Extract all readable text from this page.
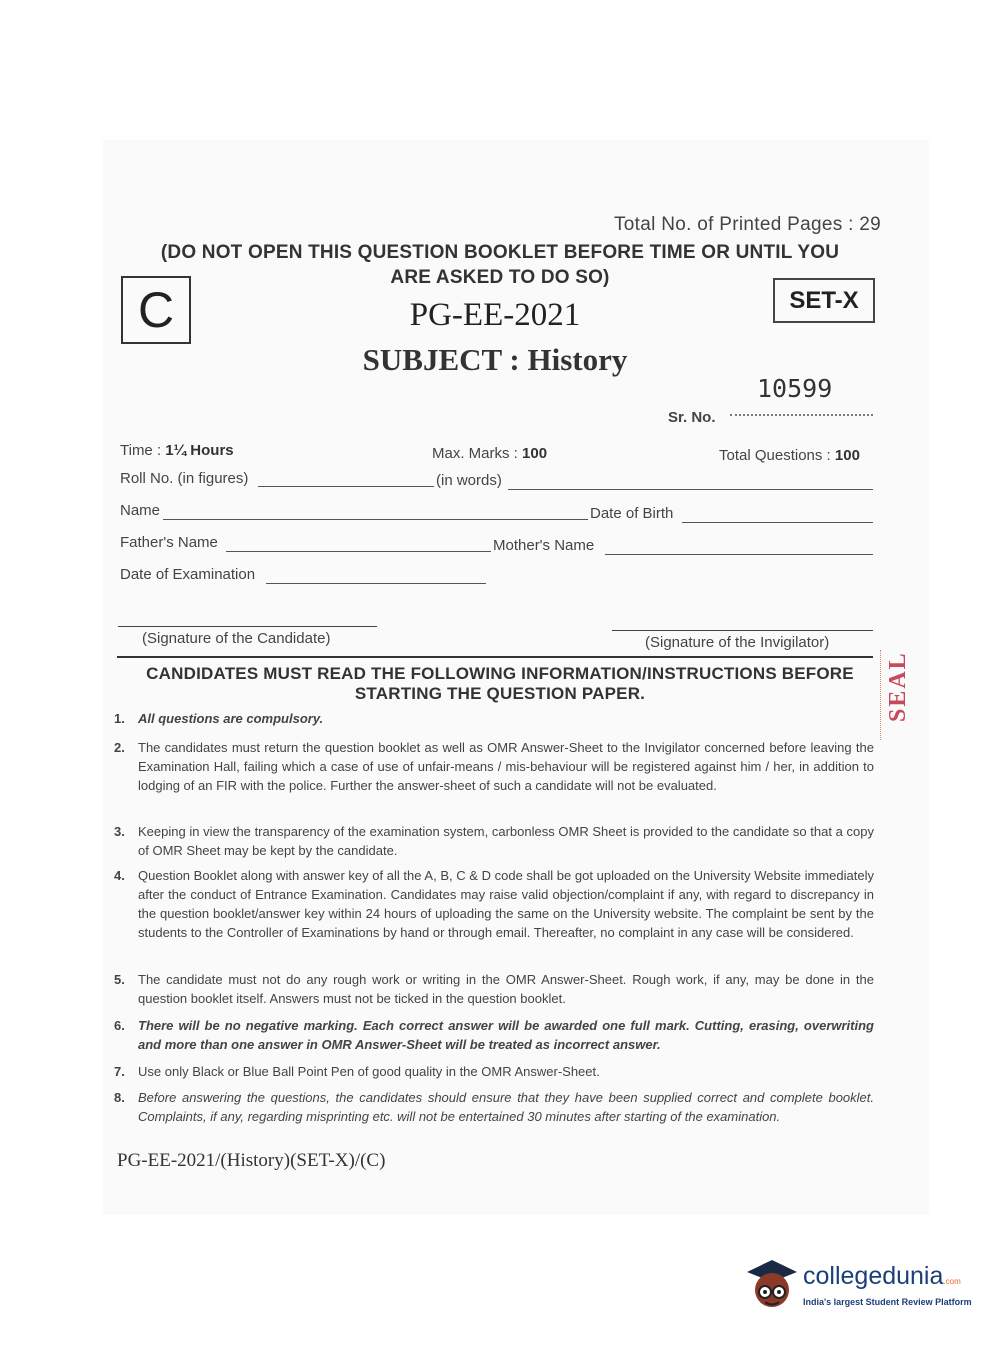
Total No. of Printed Pages : 29
(DO NOT OPEN THIS QUESTION BOOKLET BEFORE TIME OR UNTIL YOU
ARE ASKED TO DO SO)
C	SET-X
PG-EE-2021
SUBJECT : History
10599
Sr. No.
Time : 1¼ Hours	Max. Marks : 100	Total Questions : 100
Roll No. (in figures)	(in words)
Name	Date of Birth
Father's Name	Mother's Name
Date of Examination
(Signature of the Candidate)	(Signature of the Invigilator)
CANDIDATES MUST READ THE FOLLOWING INFORMATION/INSTRUCTIONS BEFORE
STARTING THE QUESTION PAPER.
1. All questions are compulsory.
2. The candidates must return the question booklet as well as OMR Answer-Sheet to the Invigilator concerned before leaving the Examination Hall, failing which a case of use of unfair-means / mis-behaviour will be registered against him / her, in addition to lodging of an FIR with the police. Further the answer-sheet of such a candidate will not be evaluated.
3. Keeping in view the transparency of the examination system, carbonless OMR Sheet is provided to the candidate so that a copy of OMR Sheet may be kept by the candidate.
4. Question Booklet along with answer key of all the A, B, C & D code shall be got uploaded on the University Website immediately after the conduct of Entrance Examination. Candidates may raise valid objection/complaint if any, with regard to discrepancy in the question booklet/answer key within 24 hours of uploading the same on the University website. The complaint be sent by the students to the Controller of Examinations by hand or through email. Thereafter, no complaint in any case will be considered.
5. The candidate must not do any rough work or writing in the OMR Answer-Sheet. Rough work, if any, may be done in the question booklet itself. Answers must not be ticked in the question booklet.
6. There will be no negative marking. Each correct answer will be awarded one full mark. Cutting, erasing, overwriting and more than one answer in OMR Answer-Sheet will be treated as incorrect answer.
7. Use only Black or Blue Ball Point Pen of good quality in the OMR Answer-Sheet.
8. Before answering the questions, the candidates should ensure that they have been supplied correct and complete booklet. Complaints, if any, regarding misprinting etc. will not be entertained 30 minutes after starting of the examination.
PG-EE-2021/(History)(SET-X)/(C)
SEAL
collegedunia.com
India's largest Student Review Platform
